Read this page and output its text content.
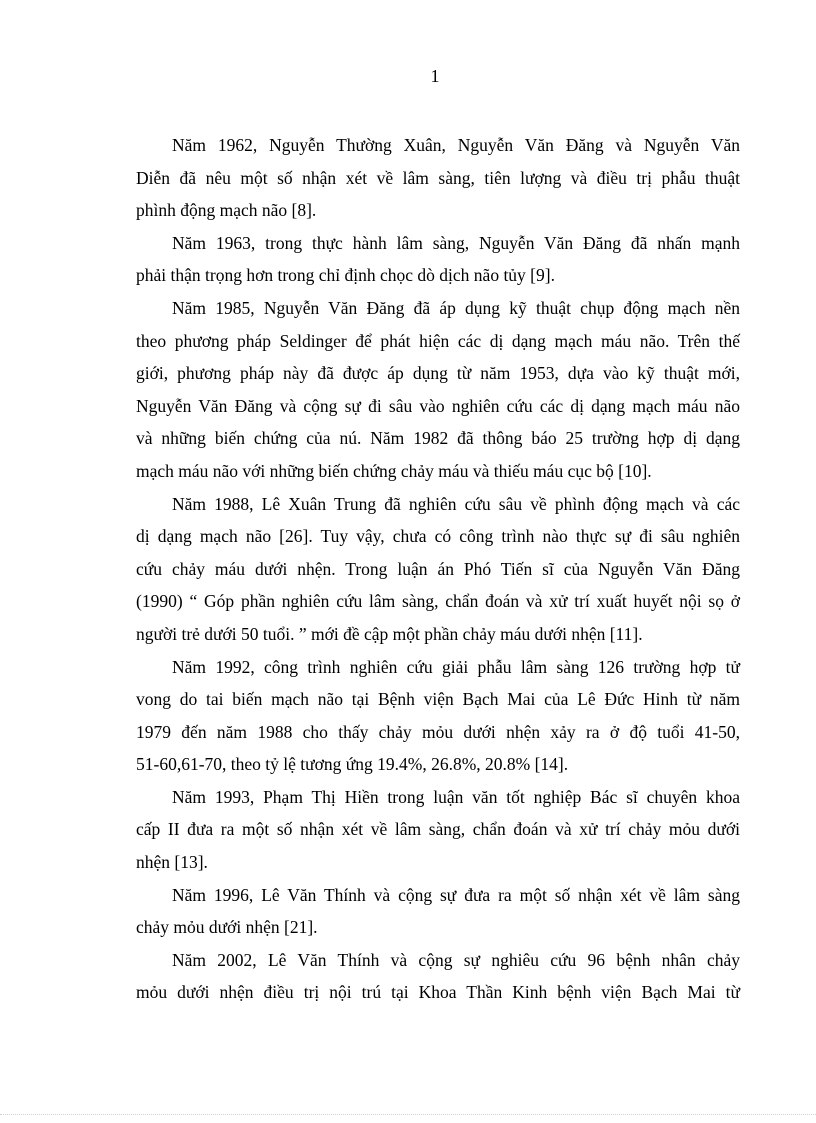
1
Năm 1962, Nguyễn Thường Xuân, Nguyễn Văn Đăng và Nguyễn Văn
Diễn đã nêu một số nhận xét về lâm sàng, tiên lượng và điều trị phẫu thuật
phình động mạch não [8].
Năm 1963, trong thực hành lâm sàng, Nguyễn Văn Đăng đã nhấn mạnh
phải thận trọng hơn trong chỉ định chọc dò dịch não tủy [9].
Năm 1985, Nguyễn Văn Đăng đã áp dụng kỹ thuật chụp động mạch nền
theo phương pháp Seldinger để phát hiện các dị dạng mạch máu não. Trên thế
giới, phương pháp này đã được áp dụng từ năm 1953, dựa vào kỹ thuật mới,
Nguyễn Văn Đăng và cộng sự đi sâu vào nghiên cứu các dị dạng mạch máu não
và những biến chứng của nú. Năm 1982 đã thông báo 25 trường hợp dị dạng
mạch máu não với những biến chứng chảy máu và thiếu máu cục bộ [10].
Năm 1988, Lê Xuân Trung đã nghiên cứu sâu về phình động mạch và các
dị dạng mạch não [26]. Tuy vậy, chưa có công trình nào thực sự đi sâu nghiên
cứu chảy máu dưới nhện. Trong luận án Phó Tiến sĩ của Nguyễn Văn Đăng
(1990) “ Góp phần nghiên cứu lâm sàng, chẩn đoán và xử trí xuất huyết nội sọ ở
người trẻ dưới 50 tuổi. ” mới đề cập một phần chảy máu dưới nhện [11].
Năm 1992, công trình nghiên cứu giải phẫu lâm sàng 126 trường hợp tử
vong do tai biến mạch não tại Bệnh viện Bạch Mai của Lê Đức Hinh từ năm
1979 đến năm 1988 cho thấy chảy mỏu dưới nhện xảy ra ở độ tuổi 41-50,
51-60,61-70, theo tỷ lệ tương ứng 19.4%, 26.8%, 20.8% [14].
Năm 1993, Phạm Thị Hiền trong luận văn tốt nghiệp Bác sĩ chuyên khoa
cấp II đưa ra một số nhận xét về lâm sàng, chẩn đoán và xử trí chảy mỏu dưới
nhện [13].
Năm 1996, Lê Văn Thính và cộng sự đưa ra một số nhận xét về lâm sàng
chảy mỏu dưới nhện [21].
Năm 2002, Lê Văn Thính và cộng sự nghiêu cứu 96 bệnh nhân chảy
mỏu dưới nhện điều trị nội trú tại Khoa Thần Kinh bệnh viện Bạch Mai từ
